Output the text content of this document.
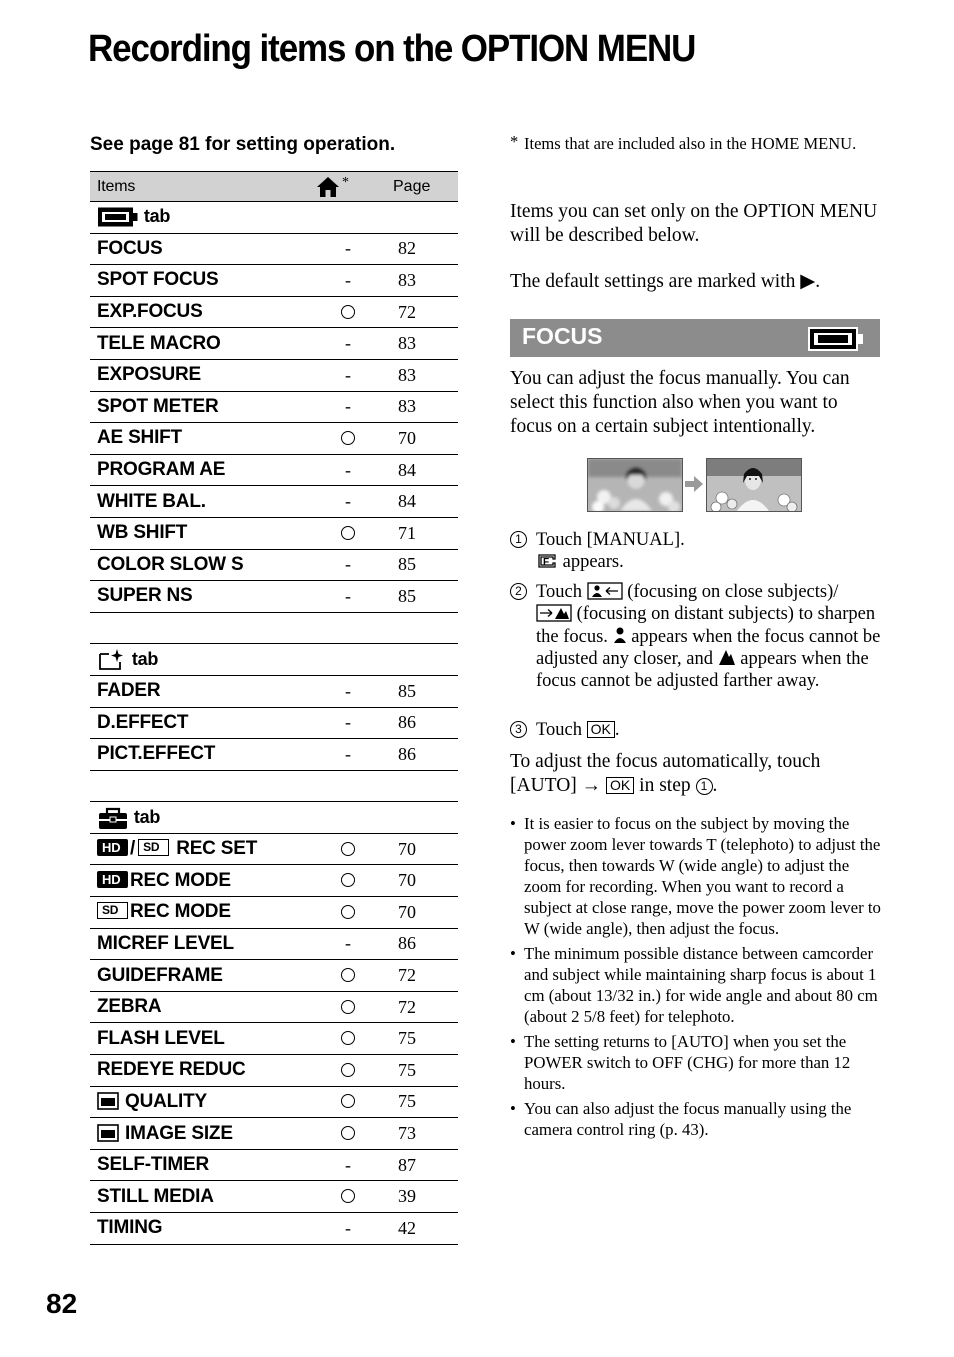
Recording items on the OPTION MENU
See page 81 for setting operation.
Items	*	Page
tab		
FOCUS	-	82
SPOT FOCUS	-	83
EXP.FOCUS		72
TELE MACRO	-	83
EXPOSURE	-	83
SPOT METER	-	83
AE SHIFT		70
PROGRAM AE	-	84
WHITE BAL.	-	84
WB SHIFT		71
COLOR SLOW S	-	85
SUPER NS	-	85

tab		
FADER	-	85
D.EFFECT	-	86
PICT.EFFECT	-	86

tab		

HD / SD REC SET		70

HD REC MODE		70

SD REC MODE		70
MICREF LEVEL	-	86
GUIDEFRAME		72
ZEBRA		72
FLASH LEVEL		75
REDEYE REDUC		75
QUALITY		75
IMAGE SIZE		73
SELF-TIMER	-	87
STILL MEDIA		39
TIMING	-	42
82
* Items that are included also in the HOME MENU.
Items you can set only on the OPTION MENU will be described below.
The default settings are marked with ▶.
FOCUS
You can adjust the focus manually. You can select this function also when you want to focus on a certain subject intentionally.
1 Touch [MANUAL].

F appears.
2 Touch (focusing on close subjects)/
(focusing on distant subjects) to sharpen the focus. appears when the focus cannot be adjusted any closer, and appears when the focus cannot be adjusted farther away.
3 Touch OK .
To adjust the focus automatically, touch [AUTO] → OK in step 1 .
• It is easier to focus on the subject by moving the power zoom lever towards T (telephoto) to adjust the focus, then towards W (wide angle) to adjust the zoom for recording. When you want to record a subject at close range, move the power zoom lever to W (wide angle), then adjust the focus.
• The minimum possible distance between camcorder and subject while maintaining sharp focus is about 1 cm (about 13/32 in.) for wide angle and about 80 cm (about 2 5/8 feet) for telephoto.
• The setting returns to [AUTO] when you set the POWER switch to OFF (CHG) for more than 12 hours.
• You can also adjust the focus manually using the camera control ring (p. 43).
